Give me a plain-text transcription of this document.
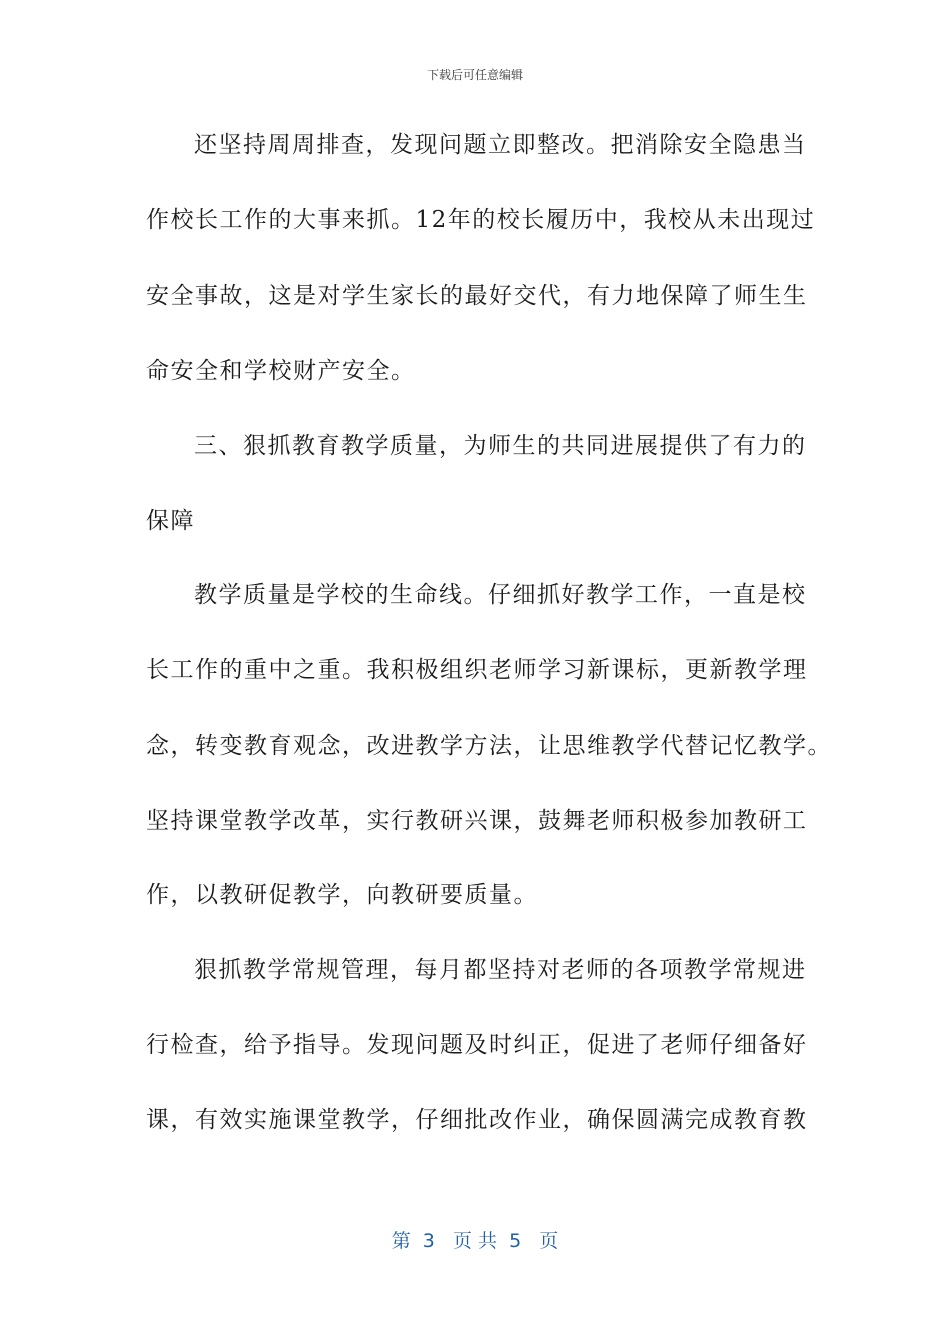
下载后可任意编辑
还坚持周周排查，发现问题立即整改。把消除安全隐患当
作校长工作的大事来抓。12年的校长履历中，我校从未出现过
安全事故，这是对学生家长的最好交代，有力地保障了师生生
命安全和学校财产安全。
三、狠抓教育教学质量，为师生的共同进展提供了有力的
保障
教学质量是学校的生命线。仔细抓好教学工作，一直是校
长工作的重中之重。我积极组织老师学习新课标，更新教学理
念，转变教育观念，改进教学方法，让思维教学代替记忆教学。
坚持课堂教学改革，实行教研兴课，鼓舞老师积极参加教研工
作，以教研促教学，向教研要质量。
狠抓教学常规管理，每月都坚持对老师的各项教学常规进
行检查，给予指导。发现问题及时纠正，促进了老师仔细备好
课，有效实施课堂教学，仔细批改作业，确保圆满完成教育教
第  3   页 共  5   页
